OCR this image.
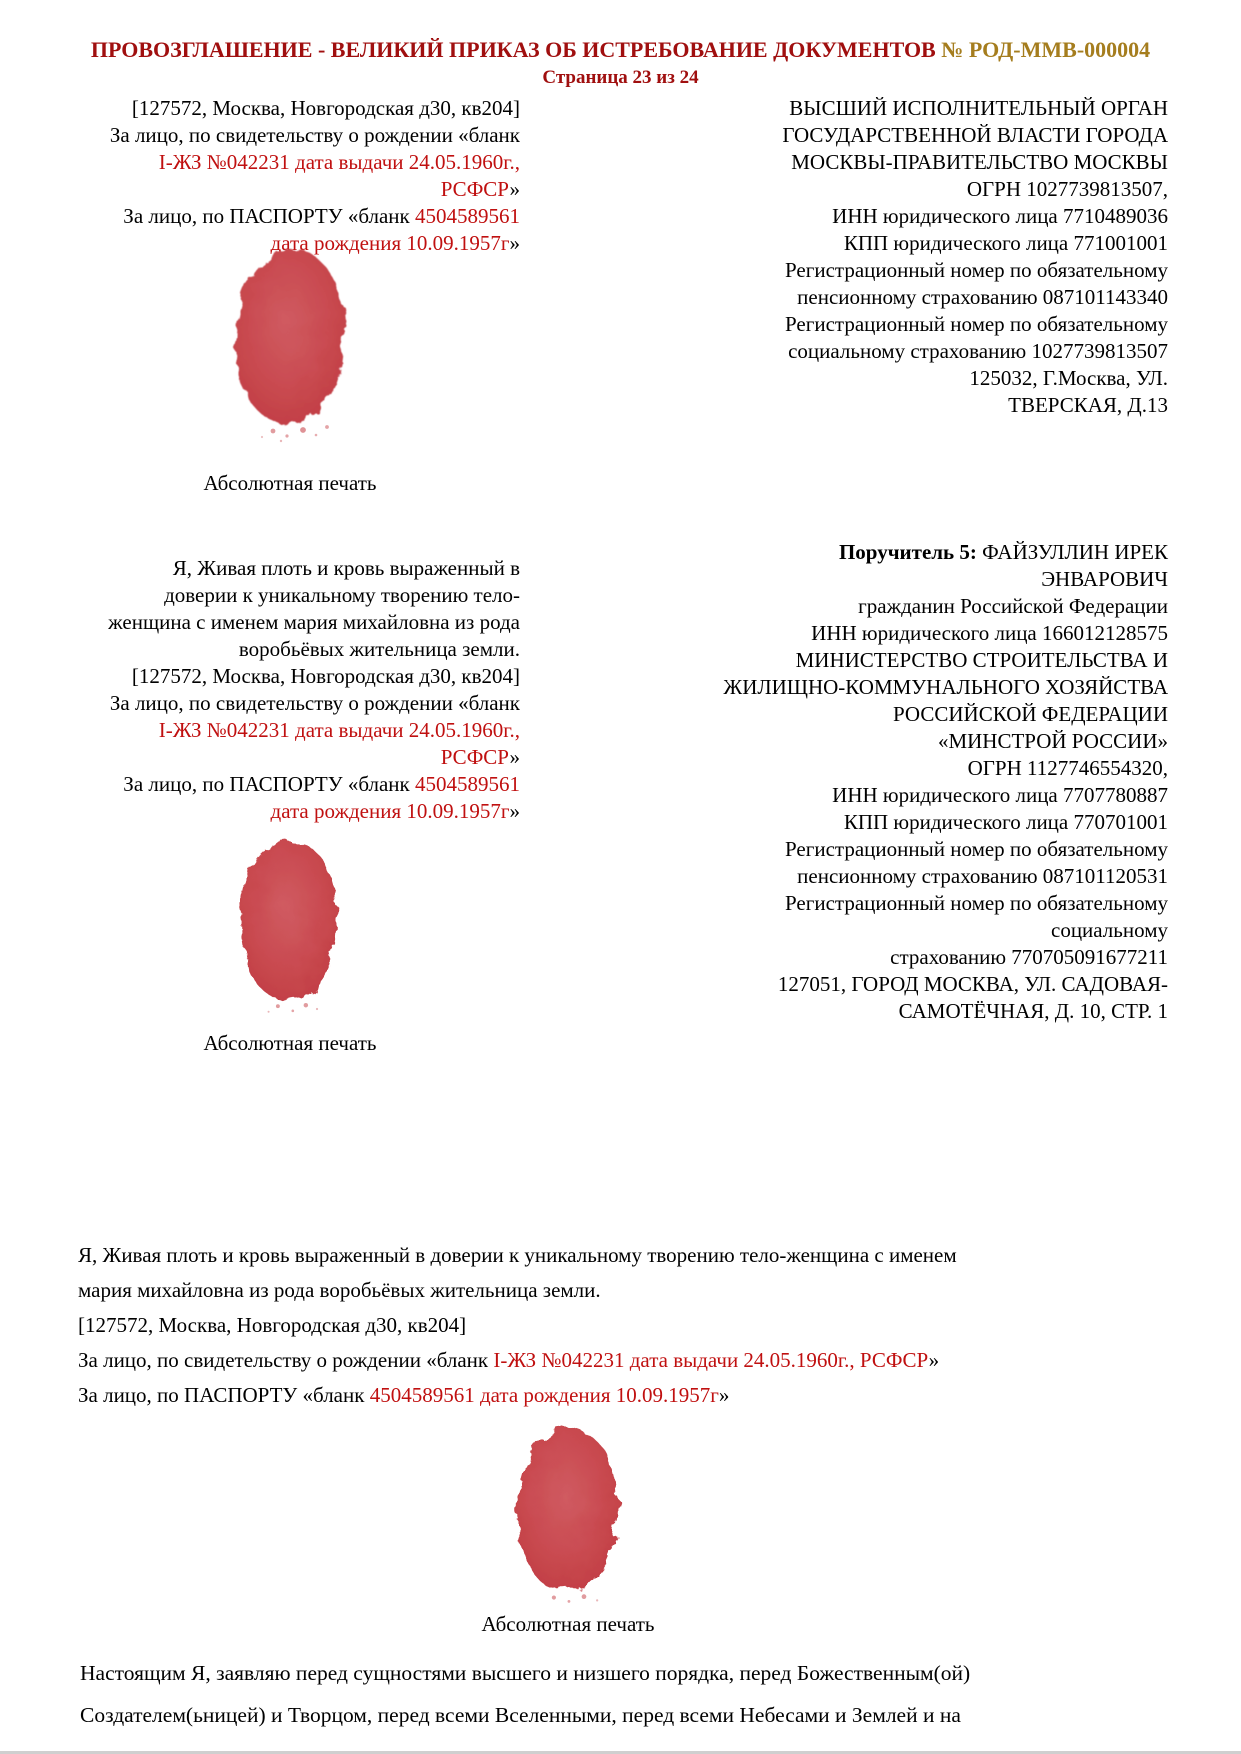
ПРОВОЗГЛАШЕНИЕ - ВЕЛИКИЙ ПРИКАЗ ОБ ИСТРЕБОВАНИЕ ДОКУМЕНТОВ № РОД-ММВ-000004
Страница 23 из 24
[127572, Москва, Новгородская д30, кв204]
За лицо, по свидетельству о рождении «бланк
І-ЖЗ №042231 дата выдачи 24.05.1960г.,
РСФСР»
За лицо, по ПАСПОРТУ «бланк 4504589561
дата рождения 10.09.1957г»
Абсолютная печать
Я, Живая плоть и кровь выраженный в
доверии к уникальному творению тело-
женщина с именем мария михайловна из рода
воробьёвых жительница земли.
[127572, Москва, Новгородская д30, кв204]
За лицо, по свидетельству о рождении «бланк
І-ЖЗ №042231 дата выдачи 24.05.1960г.,
РСФСР»
За лицо, по ПАСПОРТУ «бланк 4504589561
дата рождения 10.09.1957г»
Абсолютная печать
ВЫСШИЙ ИСПОЛНИТЕЛЬНЫЙ ОРГАН
ГОСУДАРСТВЕННОЙ ВЛАСТИ ГОРОДА
МОСКВЫ-ПРАВИТЕЛЬСТВО МОСКВЫ
ОГРН 1027739813507,
ИНН юридического лица 7710489036
КПП юридического лица 771001001
Регистрационный номер по обязательному
пенсионному страхованию 087101143340
Регистрационный номер по обязательному
социальному страхованию 1027739813507
125032, Г.Москва, УЛ.
ТВЕРСКАЯ, Д.13
Поручитель 5: ФАЙЗУЛЛИН ИРЕК
ЭНВАРОВИЧ
гражданин Российской Федерации
ИНН юридического лица 166012128575
МИНИСТЕРСТВО СТРОИТЕЛЬСТВА И
ЖИЛИЩНО-КОММУНАЛЬНОГО ХОЗЯЙСТВА
РОССИЙСКОЙ ФЕДЕРАЦИИ
«МИНСТРОЙ РОССИИ»
ОГРН 1127746554320,
ИНН юридического лица 7707780887
КПП юридического лица 770701001
Регистрационный номер по обязательному
пенсионному страхованию 087101120531
Регистрационный номер по обязательному
социальному
страхованию 770705091677211
127051, ГОРОД МОСКВА, УЛ. САДОВАЯ-
САМОТЁЧНАЯ, Д. 10, СТР. 1
Я, Живая плоть и кровь выраженный в доверии к уникальному творению тело-женщина с именем
мария михайловна из рода воробьёвых жительница земли.
[127572, Москва, Новгородская д30, кв204]
За лицо, по свидетельству о рождении «бланк І-ЖЗ №042231 дата выдачи 24.05.1960г., РСФСР»
За лицо, по ПАСПОРТУ «бланк 4504589561 дата рождения 10.09.1957г»
Абсолютная печать
Настоящим Я, заявляю перед сущностями высшего и низшего порядка, перед Божественным(ой)
Создателем(ьницей) и Творцом, перед всеми Вселенными, перед всеми Небесами и Землей и на
